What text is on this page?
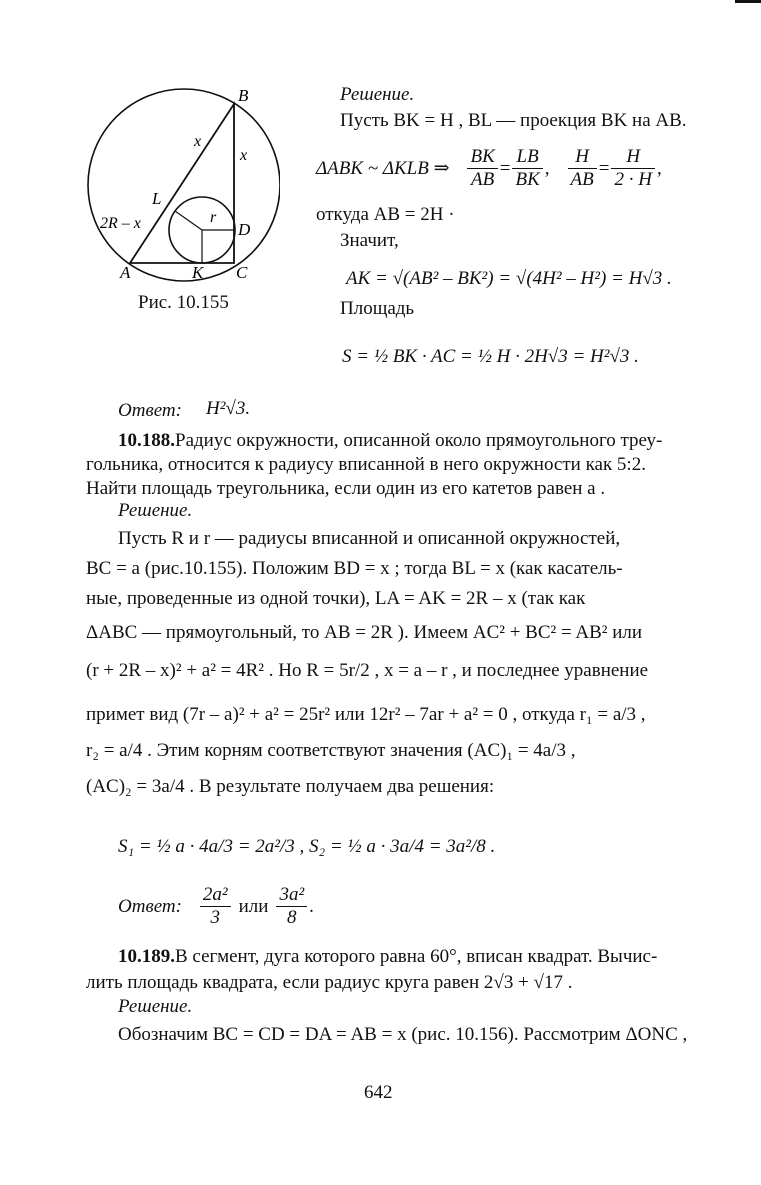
B
x
x
L
r
D
2R – x
A	K C
Рис. 10.155
Решение.
Пусть BK = H , BL — проекция BK на AB.
ΔABK ~ ΔKLB ⇒ $\frac{BK}{AB} = \frac{LB}{BK}$ , $\frac{H}{AB} = \frac{H}{2 \cdot H}$ ,
откуда AB = 2H ·
Значит,
AK = √(AB² – BK²) = √(4H² – H²) = H√3 .
Площадь
S = ½ BK · AC = ½ H · 2H√3 = H²√3 .
Ответ: H²√3.
10.188.Радиус окружности, описанной около прямоугольного треу-
гольника, относится к радиусу вписанной в него окружности как 5:2.
Найти площадь треугольника, если один из его катетов равен a .
Решение.
Пусть R и r — радиусы вписанной и описанной окружностей,
BC = a (рис.10.155). Положим BD = x ; тогда BL = x (как касатель-
ные, проведенные из одной точки), LA = AK = 2R – x (так как
ΔABC — прямоугольный, то AB = 2R ). Имеем AC² + BC² = AB² или
(r + 2R – x)² + a² = 4R² . Но R = 5r/2 , x = a – r , и последнее уравнение
примет вид (7r – a)² + a² = 25r² или 12r² – 7ar + a² = 0 , откуда r₁ = a/3 ,
r₂ = a/4 . Этим корням соответствуют значения (AC)₁ = 4a/3 ,
(AC)₂ = 3a/4 . В результате получаем два решения:
S₁ = ½ a · 4a/3 = 2a²/3 , S₂ = ½ a · 3a/4 = 3a²/8 .
Ответ: $\frac{\text{2a²}}{3}$ или $\frac{\text{3a²}}{8}$ .
10.189.В сегмент, дуга которого равна 60°, вписан квадрат. Вычис-
лить площадь квадрата, если радиус круга равен 2√3 + √17 .
Решение.
Обозначим BC = CD = DA = AB = x (рис. 10.156). Рассмотрим ΔONC ,
642
